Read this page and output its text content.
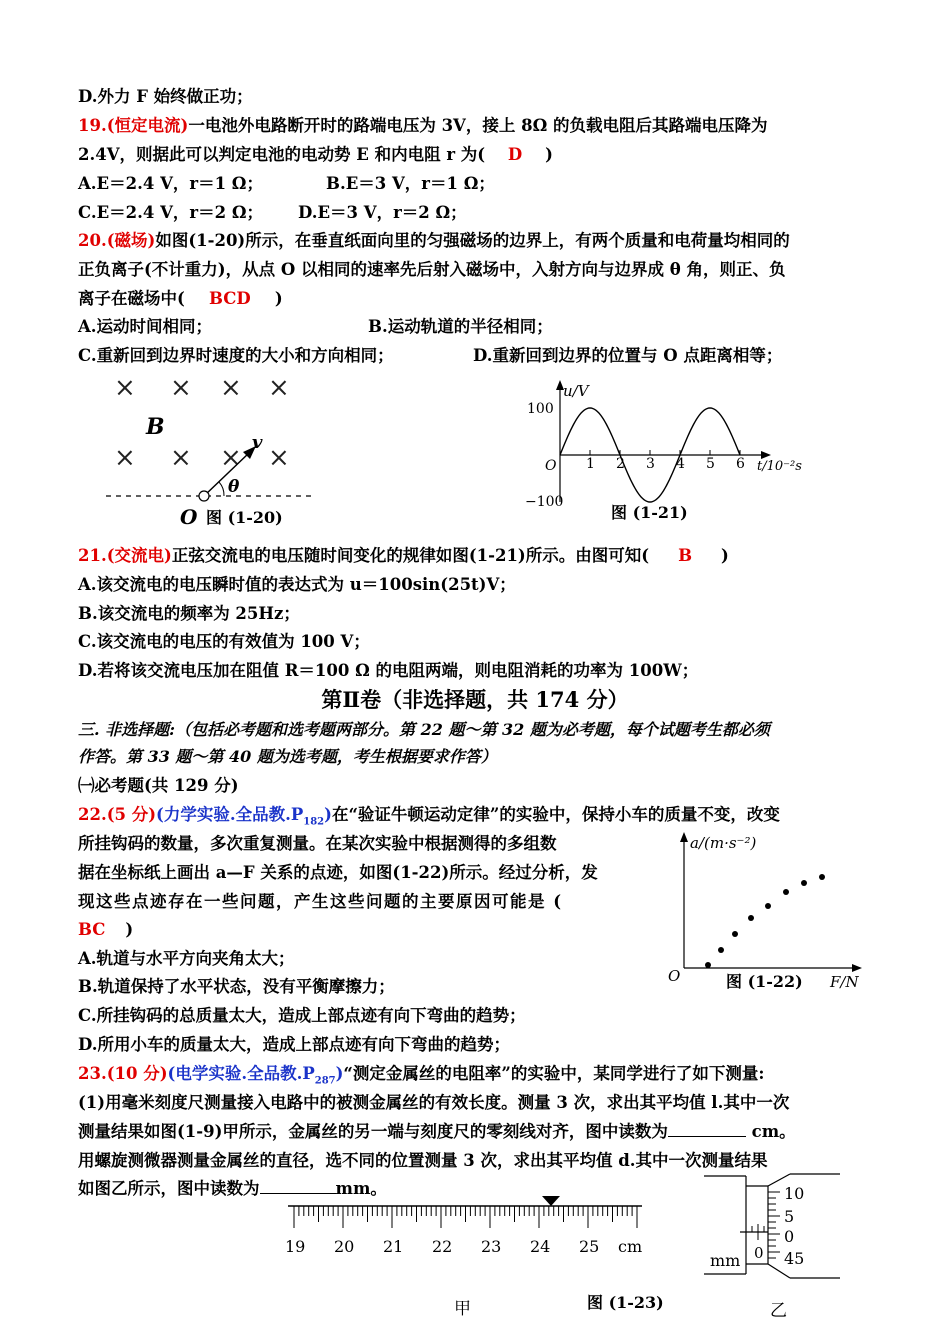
D.外力 F 始终做正功；
19.(恒定电流)一电池外电路断开时的路端电压为 3V，接上 8Ω 的负载电阻后其路端电压降为
2.4V，则据此可以判定电池的电动势 E 和内电阻 r 为( D )
A.E＝2.4 V，r＝1 Ω；	B.E＝3 V，r＝1 Ω；
C.E＝2.4 V，r＝2 Ω； D.E＝3 V，r＝2 Ω；
20.(磁场)如图(1-20)所示，在垂直纸面向里的匀强磁场的边界上，有两个质量和电荷量均相同的
正负离子(不计重力)，从点 O 以相同的速率先后射入磁场中，入射方向与边界成 θ 角，则正、负
离子在磁场中( BCD )
A.运动时间相同；	B.运动轨道的半径相同；
C.重新回到边界时速度的大小和方向相同；	D.重新回到边界的位置与 O 点距离相等；
× × × ×
× × × ×
B
v
θ
O 图 (1-20)
u/V
100
−100
O 1 2 3 4 5 6 t/10⁻²s
图 (1-21)
21.(交流电)正弦交流电的电压随时间变化的规律如图(1-21)所示。由图可知( B )
A.该交流电的电压瞬时值的表达式为 u＝100sin(25t)V；
B.该交流电的频率为 25Hz；
C.该交流电的电压的有效值为 100 V；
D.若将该交流电压加在阻值 R＝100 Ω 的电阻两端，则电阻消耗的功率为 100W；
第Ⅱ卷（非选择题，共 174 分）
三. 非选择题:（包括必考题和选考题两部分。第 22 题～第 32 题为必考题，每个试题考生都必须
作答。第 33 题～第 40 题为选考题，考生根据要求作答）
㈠必考题(共 129 分)
22.(5 分)(力学实验.全品教$.P_{182}$)在“验证牛顿运动定律”的实验中，保持小车的质量不变，改变
所挂钩码的数量，多次重复测量。在某次实验中根据测得的多组数
据在坐标纸上画出 a—F 关系的点迹，如图(1-22)所示。经过分析，发
现这些点迹存在一些问题，产生这些问题的主要原因可能是 (
BC )
A.轨道与水平方向夹角太大；
B.轨道保持了水平状态，没有平衡摩擦力；
C.所挂钩码的总质量太大，造成上部点迹有向下弯曲的趋势；
D.所用小车的质量太大，造成上部点迹有向下弯曲的趋势；
a/(m·s⁻²)
O	F/N
图 (1-22)
23.(10 分)(电学实验.全品教$.P_{287})“$测定金属丝的电阻率”的实验中，某同学进行了如下测量:
(1)用毫米刻度尺测量接入电路中的被测金属丝的有效长度。测量 3 次，求出其平均值 l.其中一次
测量结果如图(1-9)甲所示，金属丝的另一端与刻度尺的零刻线对齐，图中读数为	cm。
用螺旋测微器测量金属丝的直径，选不同的位置测量 3 次，求出其平均值 d.其中一次测量结果
如图乙所示，图中读数为	mm。
19 20 21 22 23 24 25 cm
10
5
0
45
0
mm
甲	图 (1-23)	乙
